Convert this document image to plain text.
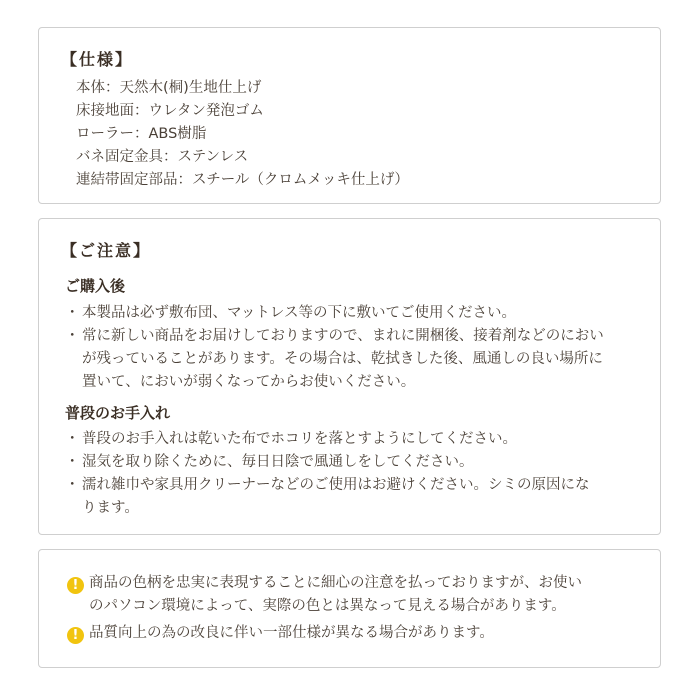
【仕様】
本体：天然木(桐)生地仕上げ
床接地面：ウレタン発泡ゴム
ローラー：ABS樹脂
バネ固定金具：ステンレス
連結帯固定部品：スチール（クロムメッキ仕上げ）
【ご注意】
ご購入後
・ 本製品は必ず敷布団、マットレス等の下に敷いてご使用ください。
・ 常に新しい商品をお届けしておりますので、まれに開梱後、接着剤などのにおい
が残っていることがあります。その場合は、乾拭きした後、風通しの良い場所に
置いて、においが弱くなってからお使いください。
普段のお手入れ
・ 普段のお手入れは乾いた布でホコリを落とすようにしてください。
・ 湿気を取り除くために、毎日日陰で風通しをしてください。
・ 濡れ雑巾や家具用クリーナーなどのご使用はお避けください。シミの原因にな
ります。
! 商品の色柄を忠実に表現することに細心の注意を払っておりますが、お使い
のパソコン環境によって、実際の色とは異なって見える場合があります。
! 品質向上の為の改良に伴い一部仕様が異なる場合があります。
